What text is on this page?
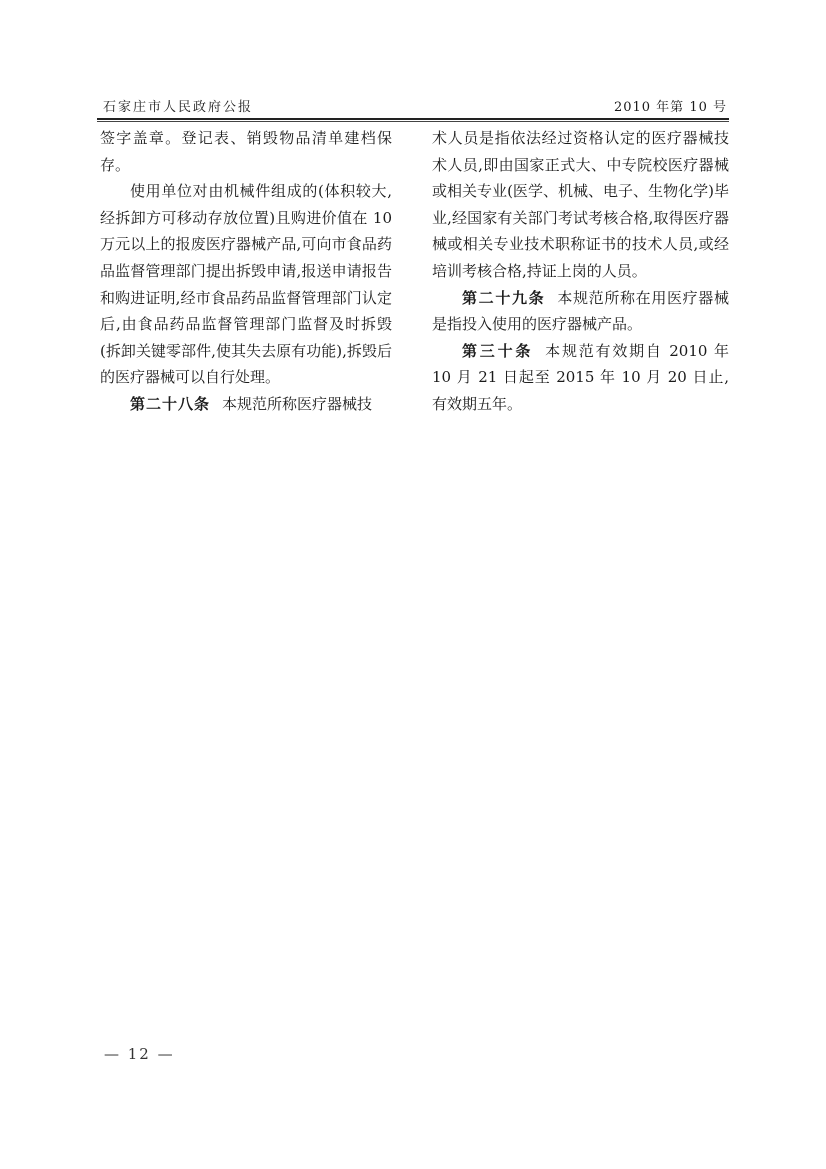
石家庄市人民政府公报	2010 年第 10 号

签字盖章。登记表、销毁物品清单建档保存。

使用单位对由机械件组成的(体积较大,经拆卸方可移动存放位置)且购进价值在 10 万元以上的报废医疗器械产品,可向市食品药品监督管理部门提出拆毁申请,报送申请报告和购进证明,经市食品药品监督管理部门认定后,由食品药品监督管理部门监督及时拆毁(拆卸关键零部件,使其失去原有功能),拆毁后的医疗器械可以自行处理。

第二十八条 本规范所称医疗器械技

术人员是指依法经过资格认定的医疗器械技术人员,即由国家正式大、中专院校医疗器械或相关专业(医学、机械、电子、生物化学)毕业,经国家有关部门考试考核合格,取得医疗器械或相关专业技术职称证书的技术人员,或经培训考核合格,持证上岗的人员。

第二十九条 本规范所称在用医疗器械是指投入使用的医疗器械产品。

第三十条 本规范有效期自 2010 年 10 月 21 日起至 2015 年 10 月 20 日止,有效期五年。

— 12 —
